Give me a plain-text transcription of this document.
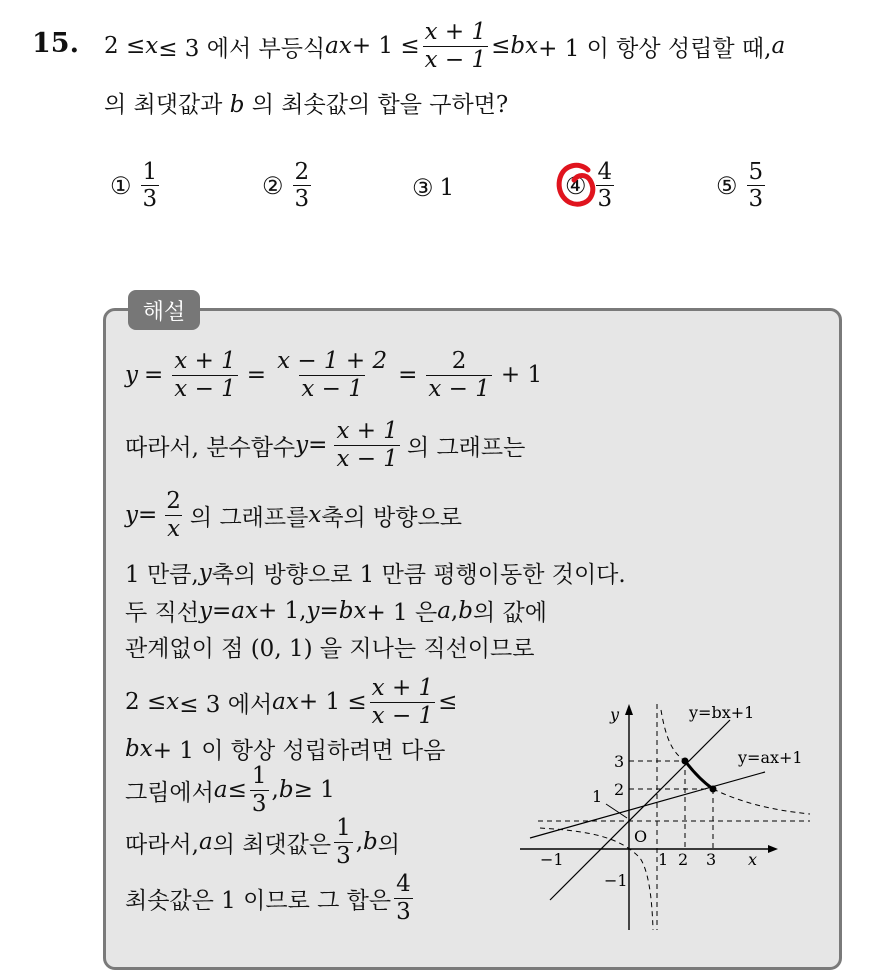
15. 2 ≤ x ≤ 3 에서 부등식 ax + $1 \le \frac{x + 1}{x - 1}$ ≤ bx + 1 이 항상 성립할 때, a
의 최댓값과 b 의 최솟값의 합을 구하면?
① $\frac{1}{3}$	② $\frac{2}{3}$	③ 1	④ $\frac{4}{3}$	⑤ $\frac{5}{3}$
해설
$y = \frac{x + 1}{x - 1} = \frac{x - 1 + 2}{x - 1} = \frac{2}{x - 1} + 1$
따라서, 분수함수 $y = \frac{x + 1}{x - 1}$ 의 그래프는
$y = \frac{2}{x}$ 의 그래프를 x 축의 방향으로
1 만큼, y 축의 방향으로 1 만큼 평행이동한 것이다.
두 직선 y = ax + 1, y = bx + 1 은 a , b 의 값에
관계없이 점 (0, 1) 을 지나는 직선이므로
2 ≤ x ≤ 3 에서 ax + $1 \le \frac{x + 1}{x - 1}$ ≤
bx + 1 이 항상 성립하려면 다음
그림에서 $a \le \frac{1}{3}$ , b ≥ 1
따라서, a 의 최댓값은 $\frac{1}{3}$ , b 의
최솟값은 1 이므로 그 합은 $\frac{4}{3}$
y
x
O
y=bx+1
y=ax+1
−1	1 2 3
1 2
3
−1
